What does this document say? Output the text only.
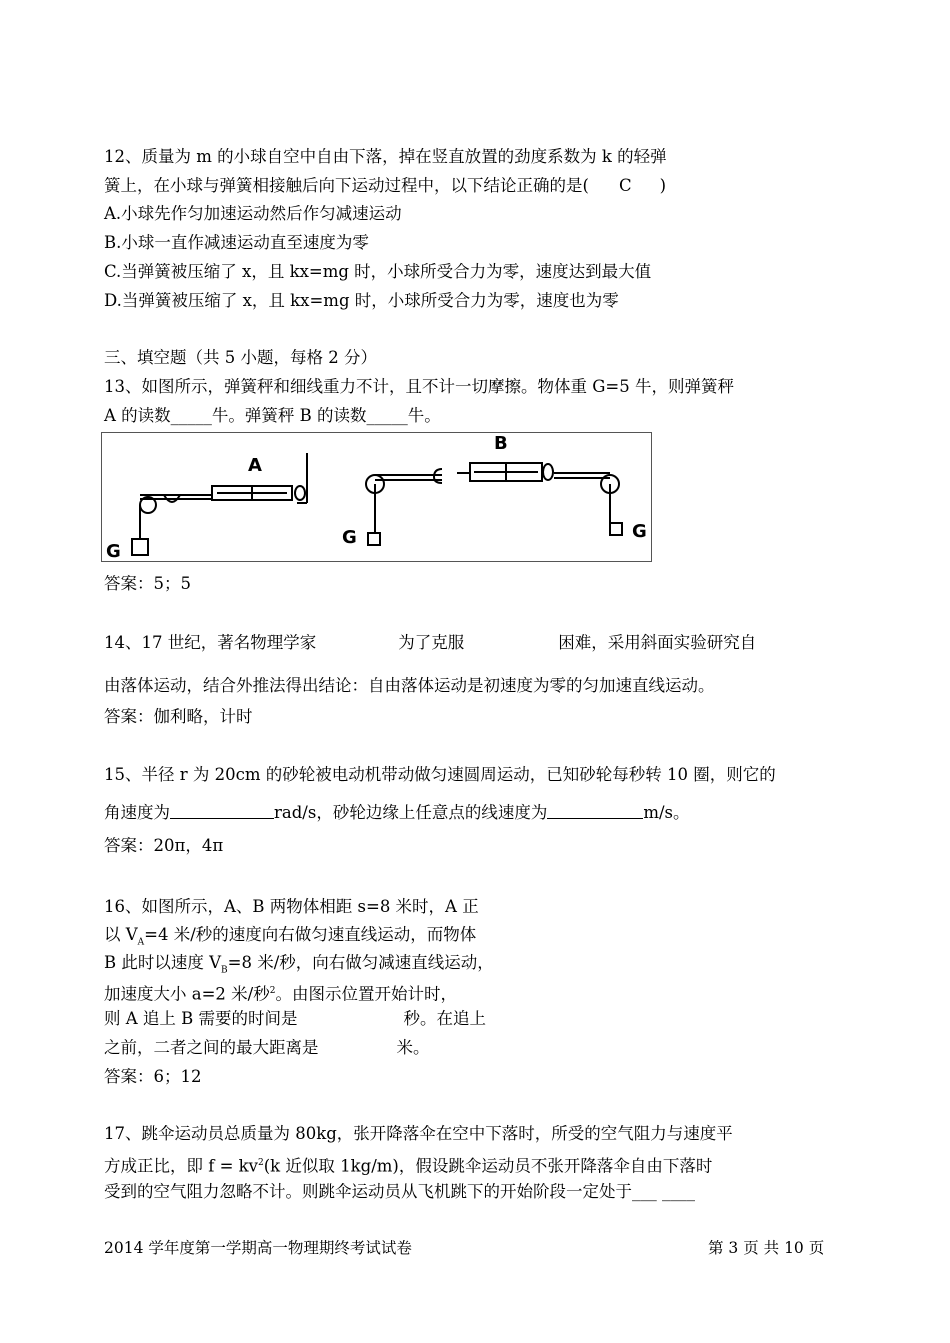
12、质量为 m 的小球自空中自由下落，掉在竖直放置的劲度系数为 k 的轻弹
簧上，在小球与弹簧相接触后向下运动过程中，以下结论正确的是( C )
A.小球先作匀加速运动然后作匀减速运动
B.小球一直作减速运动直至速度为零
C.当弹簧被压缩了 x，且 kx=mg 时，小球所受合力为零，速度达到最大值
D.当弹簧被压缩了 x，且 kx=mg 时，小球所受合力为零，速度也为零
三、填空题（共 5 小题，每格 2 分）
13、如图所示，弹簧秤和细线重力不计，且不计一切摩擦。物体重 G=5 牛，则弹簧秤
A 的读数_____牛。弹簧秤 B 的读数_____牛。
A
B
G
G	G
答案：5；5
14、17 世纪，著名物理学家	为了克服	困难，采用斜面实验研究自
由落体运动，结合外推法得出结论：自由落体运动是初速度为零的匀加速直线运动。
答案：伽利略，计时
15、半径 r 为 20cm 的砂轮被电动机带动做匀速圆周运动，已知砂轮每秒转 10 圈，则它的
角速度为	rad/s，砂轮边缘上任意点的线速度为	m/s。
答案：20π，4π
16、如图所示，A、B 两物体相距 s=8 米时，A 正
以 $V_A=4$ 米/秒的速度向右做匀速直线运动，而物体
B 此时以速度 $V_B=8$ 米/秒，向右做匀减速直线运动，
加速度大小 a=2 米/秒$^2$。由图示位置开始计时，
则 A 追上 B 需要的时间是	秒。在追上
之前，二者之间的最大距离是	米。
答案：6；12
17、跳伞运动员总质量为 80kg，张开降落伞在空中下落时，所受的空气阻力与速度平
方成正比，即 $f = kv^2(k$ 近似取 1kg/m)，假设跳伞运动员不张开降落伞自由下落时
受到的空气阻力忽略不计。则跳伞运动员从飞机跳下的开始阶段一定处于___ ____
2014 学年度第一学期高一物理期终考试试卷	第 3 页 共 10 页
